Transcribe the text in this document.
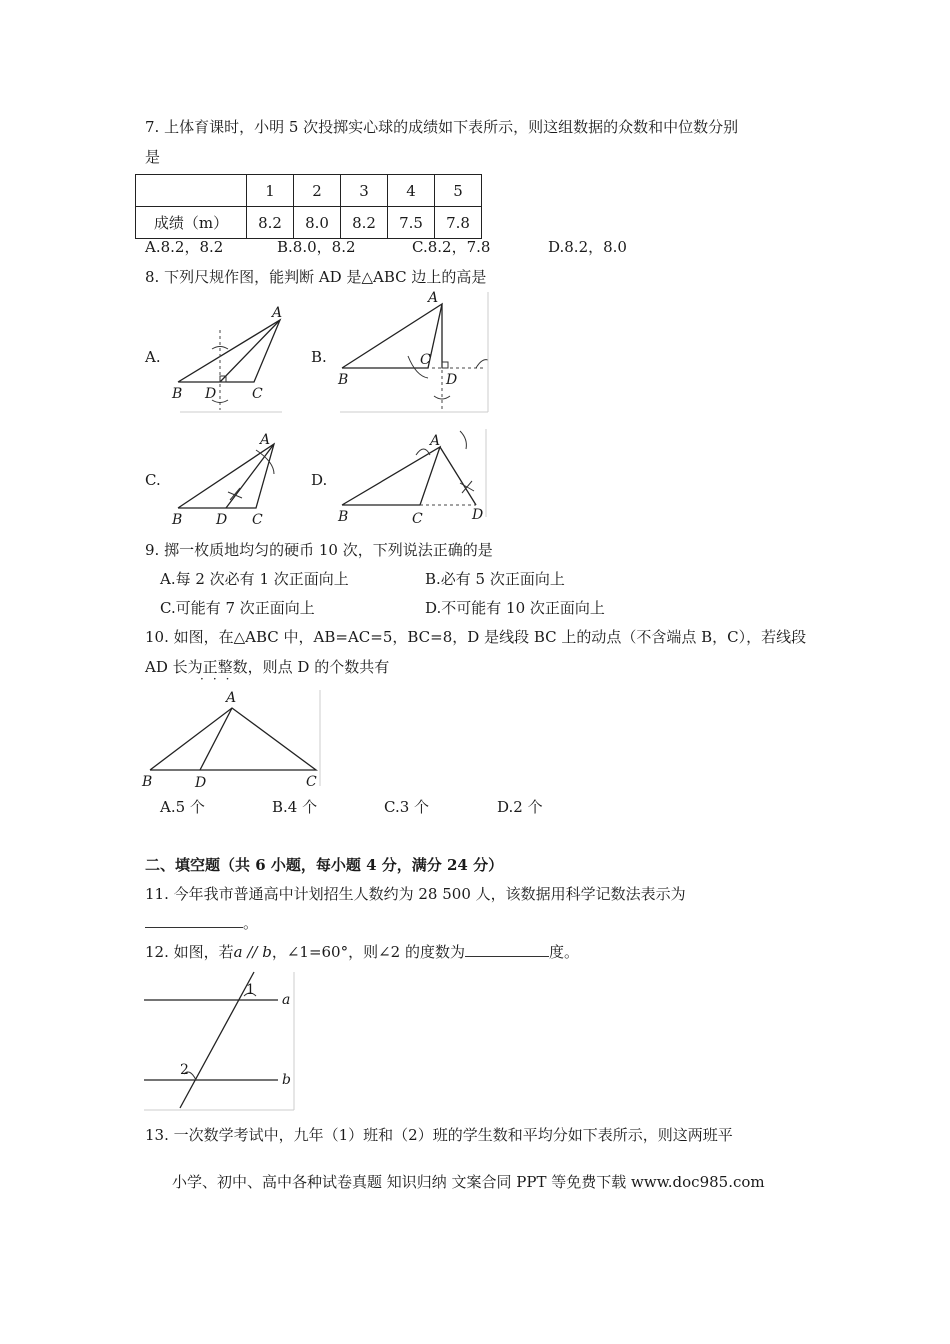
7. 上体育课时，小明 5 次投掷实心球的成绩如下表所示，则这组数据的众数和中位数分别
是
	1	2	3	4	5
成绩（m）	8.2	8.0	8.2	7.5	7.8
A.8.2，8.2	B.8.0，8.2	C.8.2，7.8	D.8.2，8.0
8. 下列尺规作图，能判断 AD 是△ABC 边上的高是
A.
A
B D	C
B.
A
B
C
D
C.
A
B D C
D.
A
B	C	D
9. 掷一枚质地均匀的硬币 10 次，下列说法正确的是
A.每 2 次必有 1 次正面向上	B.必有 5 次正面向上
C.可能有 7 次正面向上	D.不可能有 10 次正面向上
10. 如图，在△ABC 中，AB=AC=5，BC=8，D 是线段 BC 上的动点（不含端点 B，C），若线段
AD 长为正整数，则点 D 的个数共有
···
A
B	D	C
A.5 个	B.4 个	C.3 个	D.2 个
二、填空题（共 6 小题，每小题 4 分，满分 24 分）
11. 今年我市普通高中计划招生人数约为 28 500 人，该数据用科学记数法表示为
。
12. 如图，若a // b，∠1=60°，则∠2 的度数为	度。
1
2
a
b
13. 一次数学考试中，九年（1）班和（2）班的学生数和平均分如下表所示，则这两班平
小学、初中、高中各种试卷真题 知识归纳 文案合同 PPT 等免费下载 www.doc985.com
